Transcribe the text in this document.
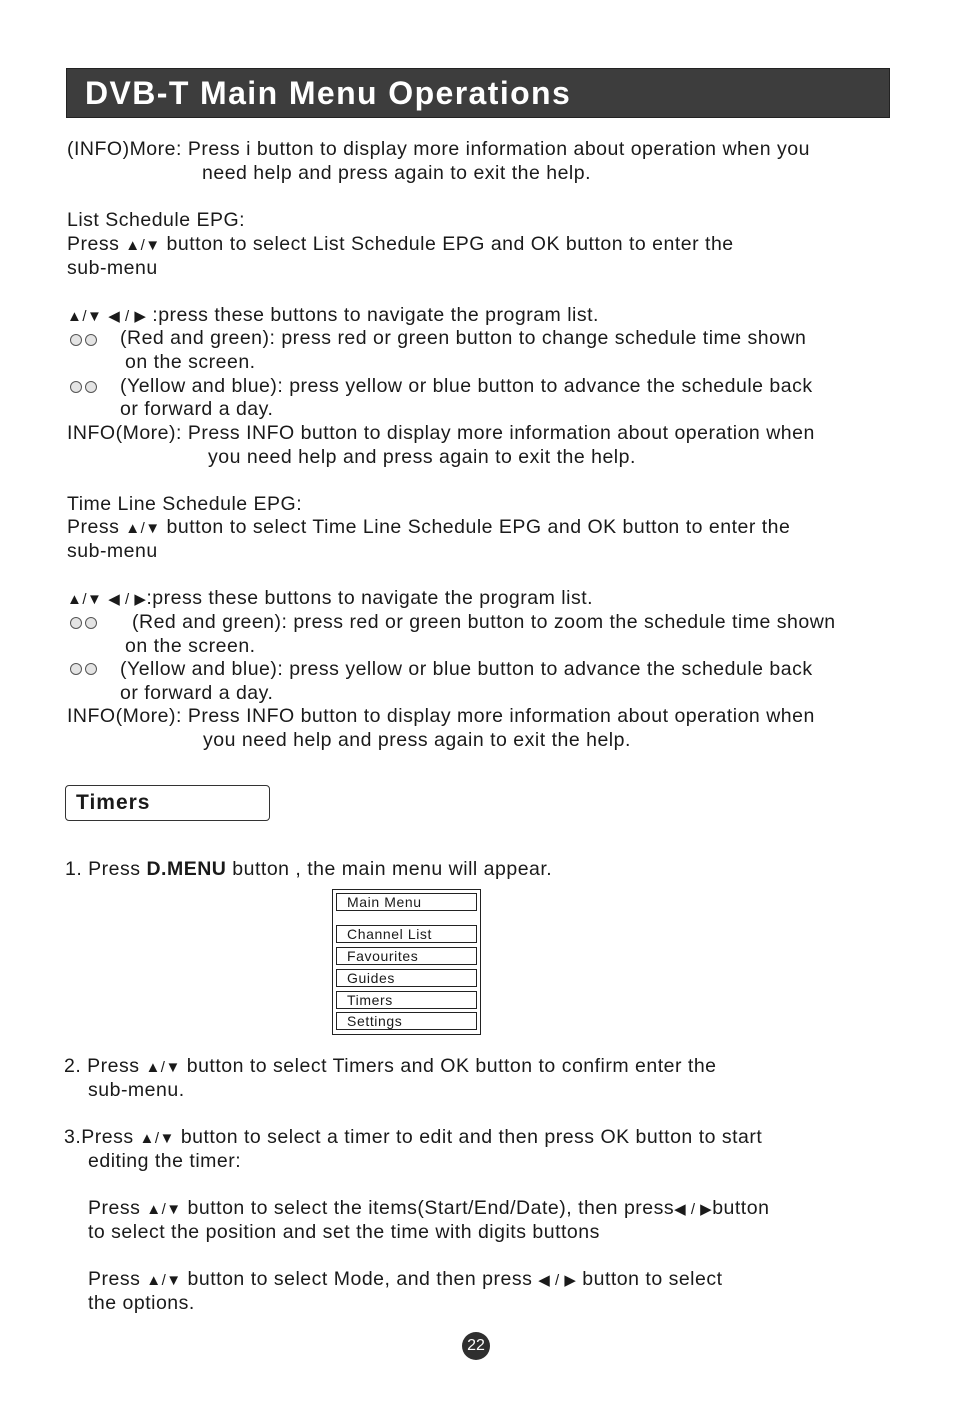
DVB-T Main Menu Operations
(INFO)More: Press i button to display more information about operation when you
need help and press again to exit the help.
List Schedule EPG:
Press ▲/▼ button to select List Schedule EPG and OK button to enter the
sub-menu
▲/▼ ◀ / ▶ :press these buttons to navigate the program list.
(Red and green): press red or green button to change schedule time shown
on the screen.
(Yellow and blue): press yellow or blue button to advance the schedule back
or forward a day.
INFO(More): Press INFO button to display more information about operation when
you need help and press again to exit the help.
Time Line Schedule EPG:
Press ▲/▼ button to select Time Line Schedule EPG and OK button to enter the
sub-menu
▲/▼ ◀ / ▶:press these buttons to navigate the program list.
(Red and green): press red or green button to zoom the schedule time shown
on the screen.
(Yellow and blue): press yellow or blue button to advance the schedule back
or forward a day.
INFO(More): Press INFO button to display more information about operation when
you need help and press again to exit the help.
Timers
1. Press D.MENU button , the main menu will appear.
Main Menu
Channel List
Favourites
Guides
Timers
Settings
2. Press ▲/▼ button to select Timers and OK button to confirm enter the
sub-menu.
3.Press ▲/▼ button to select a timer to edit and then press OK button to start
editing the timer:
Press ▲/▼ button to select the items(Start/End/Date), then press◀ / ▶button
to select the position and set the time with digits buttons
Press ▲/▼ button to select Mode, and then press ◀ / ▶ button to select
the options.
22
